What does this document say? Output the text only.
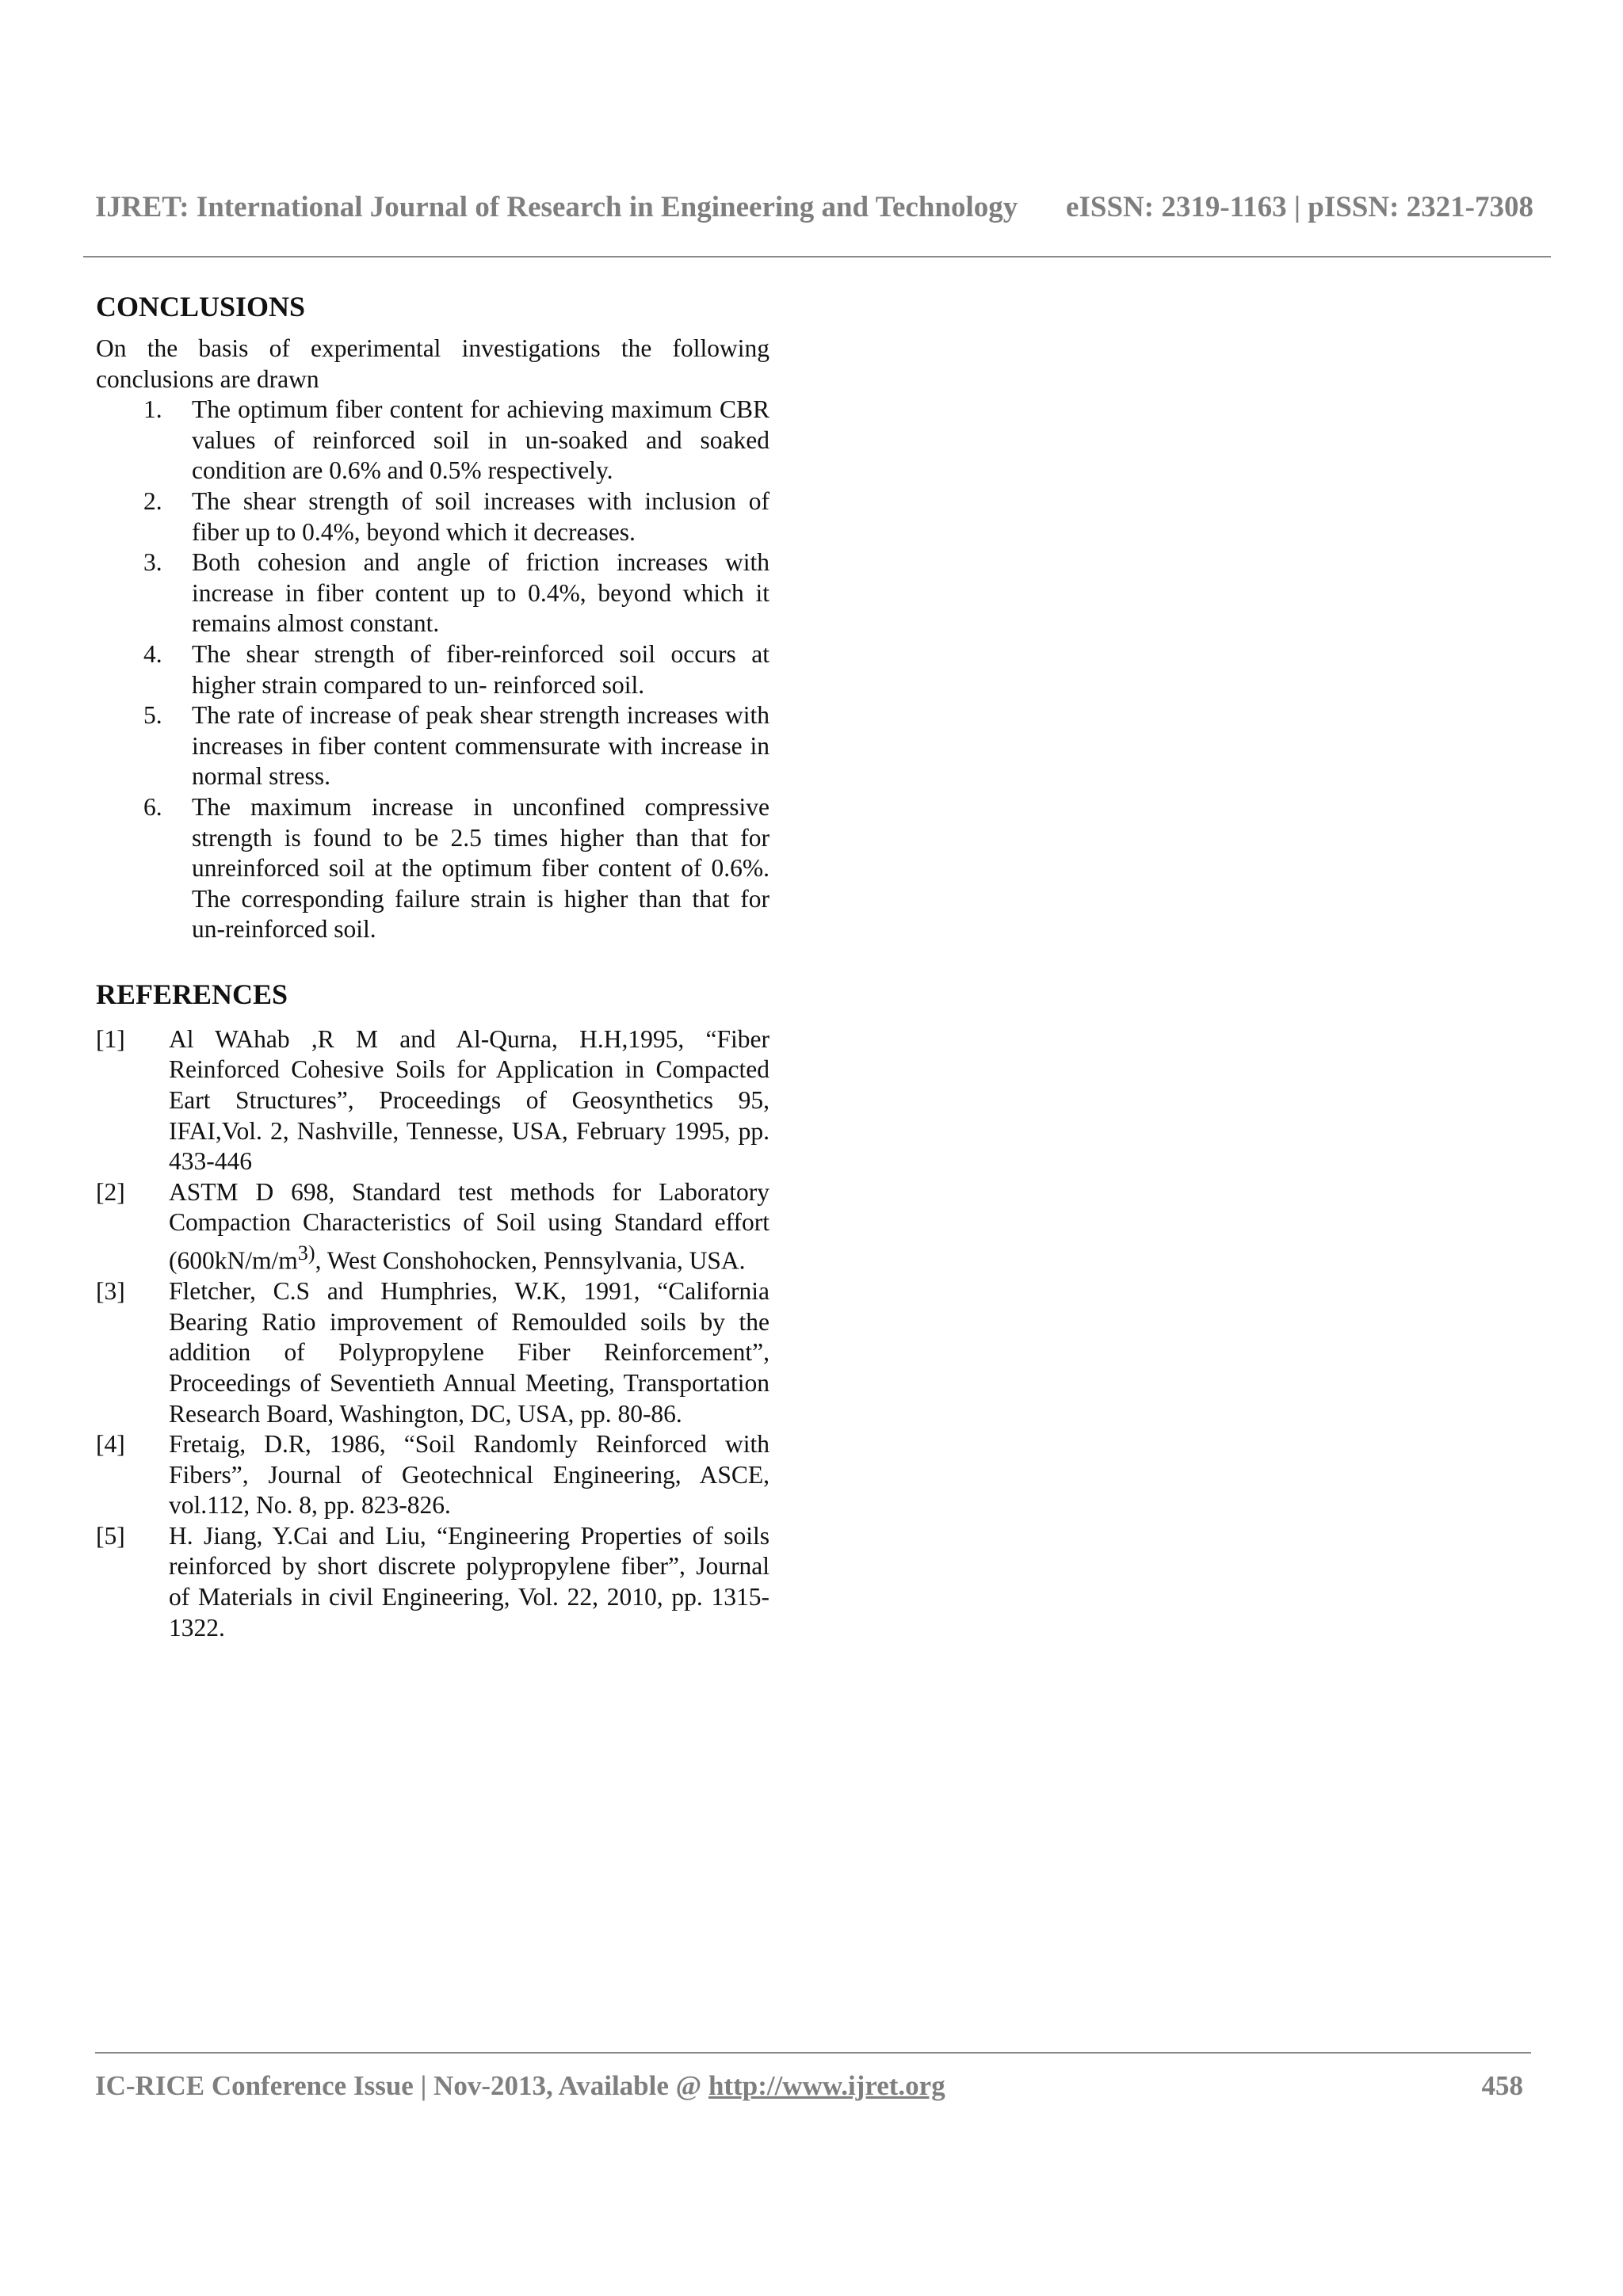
IJRET: International Journal of Research in Engineering and Technology eISSN: 2319-1163 | pISSN: 2321-7308
CONCLUSIONS

On the basis of experimental investigations the following conclusions are drawn

1. The optimum fiber content for achieving maximum CBR values of reinforced soil in un-soaked and soaked condition are 0.6% and 0.5% respectively.
2. The shear strength of soil increases with inclusion of fiber up to 0.4%, beyond which it decreases.
3. Both cohesion and angle of friction increases with increase in fiber content up to 0.4%, beyond which it remains almost constant.
4. The shear strength of fiber-reinforced soil occurs at higher strain compared to un- reinforced soil.
5. The rate of increase of peak shear strength increases with increases in fiber content commensurate with increase in normal stress.
6. The maximum increase in unconfined compressive strength is found to be 2.5 times higher than that for unreinforced soil at the optimum fiber content of 0.6%. The corresponding failure strain is higher than that for un-reinforced soil.
REFERENCES
[1] Al WAhab ,R M and Al-Qurna, H.H,1995, “Fiber Reinforced Cohesive Soils for Application in Compacted Eart Structures”, Proceedings of Geosynthetics 95, IFAI,Vol. 2, Nashville, Tennesse, USA, February 1995, pp. 433-446
[2] ASTM D 698, Standard test methods for Laboratory Compaction Characteristics of Soil using Standard effort ($600kN/m/m^{3)}$, West Conshohocken, Pennsylvania, USA.
[3] Fletcher, C.S and Humphries, W.K, 1991, “California Bearing Ratio improvement of Remoulded soils by the addition of Polypropylene Fiber Reinforcement”, Proceedings of Seventieth Annual Meeting, Transportation Research Board, Washington, DC, USA, pp. 80-86.
[4] Fretaig, D.R, 1986, “Soil Randomly Reinforced with Fibers”, Journal of Geotechnical Engineering, ASCE, vol.112, No. 8, pp. 823-826.
[5] H. Jiang, Y.Cai and Liu, “Engineering Properties of soils reinforced by short discrete polypropylene fiber”, Journal of Materials in civil Engineering, Vol. 22, 2010, pp. 1315-1322.
IC-RICE Conference Issue | Nov-2013, Available @ http://www.ijret.org	458
